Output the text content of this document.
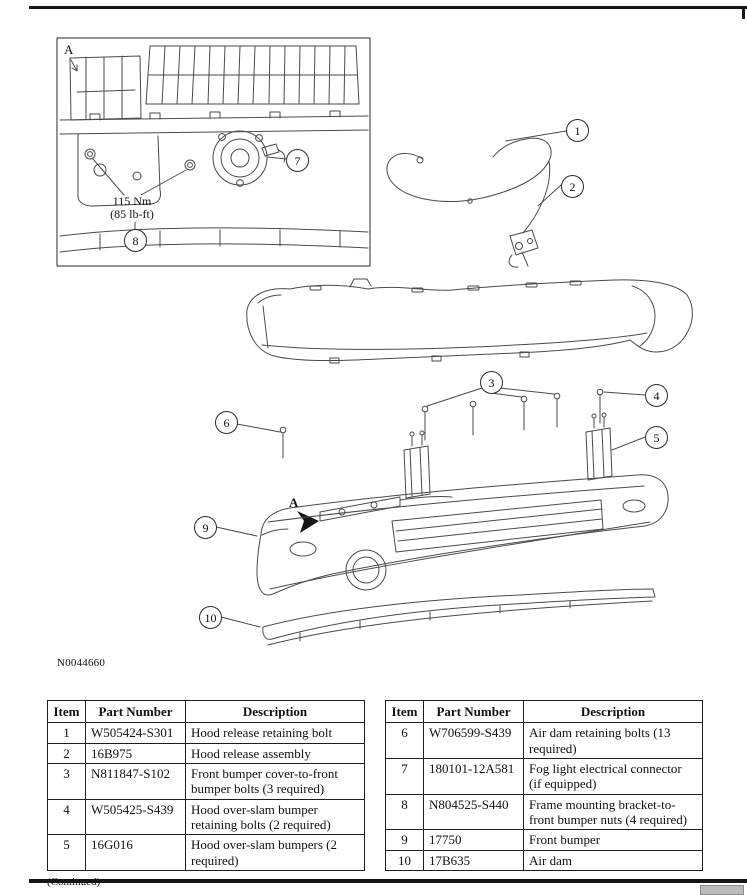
A
A
115 Nm
(85 lb-ft)
N0044660
1
2
3
4
5
6
7
8
9
10
Item	Part Number	Description
1	W505424-S301	Hood release retaining bolt
2	16B975	Hood release assembly
3	N811847-S102	Front bumper cover-to-front bumper bolts (3 required)
4	W505425-S439	Hood over-slam bumper retaining bolts (2 required)
5	16G016	Hood over-slam bumpers (2 required)
Item	Part Number	Description
6	W706599-S439	Air dam retaining bolts (13 required)
7	180101-12A581	Fog light electrical connector (if equipped)
8	N804525-S440	Frame mounting bracket-to-front bumper nuts (4 required)
9	17750	Front bumper
10	17B635	Air dam
